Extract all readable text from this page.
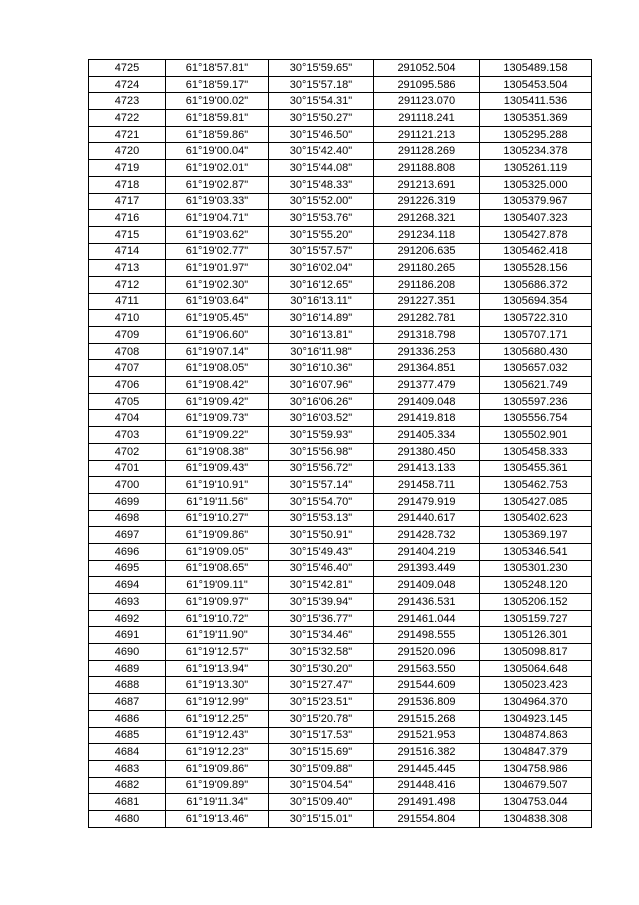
4725	61°18'57.81"	30°15'59.65"	291052.504	1305489.158
4724	61°18'59.17"	30°15'57.18"	291095.586	1305453.504
4723	61°19'00.02"	30°15'54.31"	291123.070	1305411.536
4722	61°18'59.81"	30°15'50.27"	291118.241	1305351.369
4721	61°18'59.86"	30°15'46.50"	291121.213	1305295.288
4720	61°19'00.04"	30°15'42.40"	291128.269	1305234.378
4719	61°19'02.01"	30°15'44.08"	291188.808	1305261.119
4718	61°19'02.87"	30°15'48.33"	291213.691	1305325.000
4717	61°19'03.33"	30°15'52.00"	291226.319	1305379.967
4716	61°19'04.71"	30°15'53.76"	291268.321	1305407.323
4715	61°19'03.62"	30°15'55.20"	291234.118	1305427.878
4714	61°19'02.77"	30°15'57.57"	291206.635	1305462.418
4713	61°19'01.97"	30°16'02.04"	291180.265	1305528.156
4712	61°19'02.30"	30°16'12.65"	291186.208	1305686.372
4711	61°19'03.64"	30°16'13.11"	291227.351	1305694.354
4710	61°19'05.45"	30°16'14.89"	291282.781	1305722.310
4709	61°19'06.60"	30°16'13.81"	291318.798	1305707.171
4708	61°19'07.14"	30°16'11.98"	291336.253	1305680.430
4707	61°19'08.05"	30°16'10.36"	291364.851	1305657.032
4706	61°19'08.42"	30°16'07.96"	291377.479	1305621.749
4705	61°19'09.42"	30°16'06.26"	291409.048	1305597.236
4704	61°19'09.73"	30°16'03.52"	291419.818	1305556.754
4703	61°19'09.22"	30°15'59.93"	291405.334	1305502.901
4702	61°19'08.38"	30°15'56.98"	291380.450	1305458.333
4701	61°19'09.43"	30°15'56.72"	291413.133	1305455.361
4700	61°19'10.91"	30°15'57.14"	291458.711	1305462.753
4699	61°19'11.56"	30°15'54.70"	291479.919	1305427.085
4698	61°19'10.27"	30°15'53.13"	291440.617	1305402.623
4697	61°19'09.86"	30°15'50.91"	291428.732	1305369.197
4696	61°19'09.05"	30°15'49.43"	291404.219	1305346.541
4695	61°19'08.65"	30°15'46.40"	291393.449	1305301.230
4694	61°19'09.11"	30°15'42.81"	291409.048	1305248.120
4693	61°19'09.97"	30°15'39.94"	291436.531	1305206.152
4692	61°19'10.72"	30°15'36.77"	291461.044	1305159.727
4691	61°19'11.90"	30°15'34.46"	291498.555	1305126.301
4690	61°19'12.57"	30°15'32.58"	291520.096	1305098.817
4689	61°19'13.94"	30°15'30.20"	291563.550	1305064.648
4688	61°19'13.30"	30°15'27.47"	291544.609	1305023.423
4687	61°19'12.99"	30°15'23.51"	291536.809	1304964.370
4686	61°19'12.25"	30°15'20.78"	291515.268	1304923.145
4685	61°19'12.43"	30°15'17.53"	291521.953	1304874.863
4684	61°19'12.23"	30°15'15.69"	291516.382	1304847.379
4683	61°19'09.86"	30°15'09.88"	291445.445	1304758.986
4682	61°19'09.89"	30°15'04.54"	291448.416	1304679.507
4681	61°19'11.34"	30°15'09.40"	291491.498	1304753.044
4680	61°19'13.46"	30°15'15.01"	291554.804	1304838.308
